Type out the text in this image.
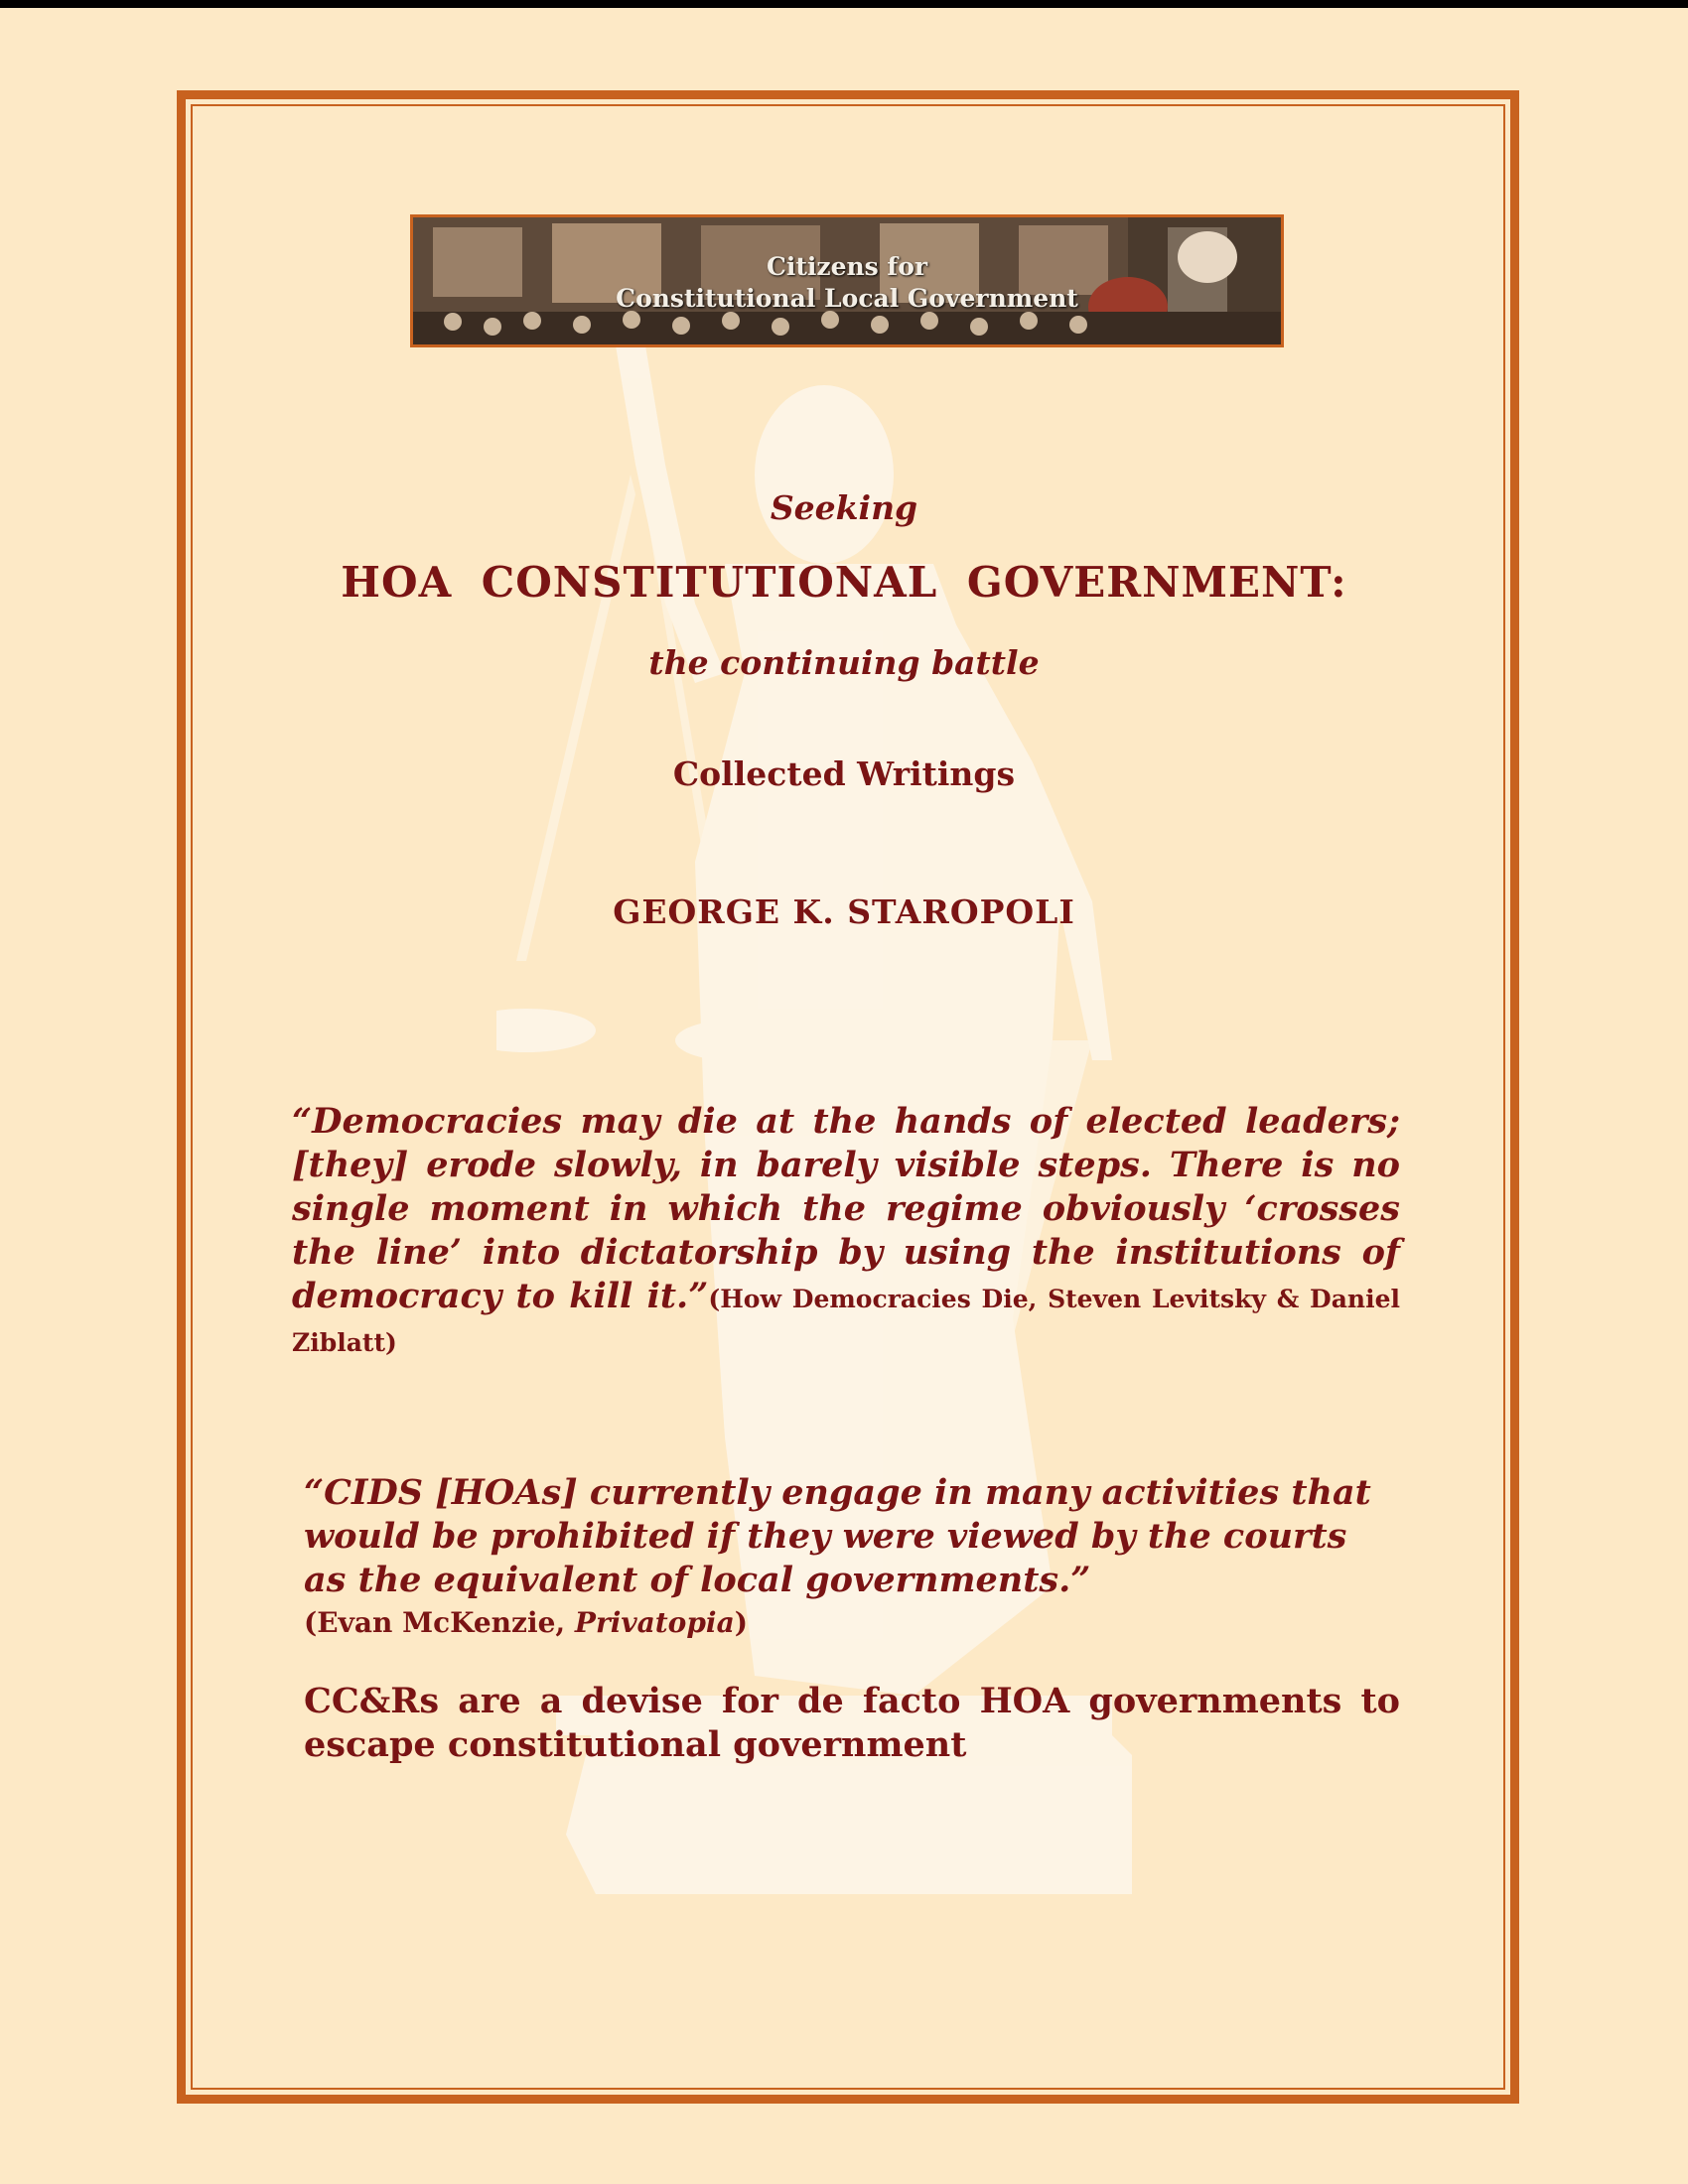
Citizens for
Constitutional Local Government

Seeking

HOA CONSTITUTIONAL GOVERNMENT:

the continuing battle

Collected Writings

GEORGE K. STAROPOLI

“Democracies may die at the hands of elected leaders; [they] erode slowly, in barely visible steps. There is no single moment in which the regime obviously ‘crosses the line’ into dictatorship by using the institutions of democracy to kill it.”(How Democracies Die, Steven Levitsky & Daniel Ziblatt)

“CIDS [HOAs] currently engage in many activities that would be prohibited if they were viewed by the courts as the equivalent of local governments.”

(Evan McKenzie, Privatopia)

CC&Rs are a devise for de facto HOA governments to escape constitutional government
